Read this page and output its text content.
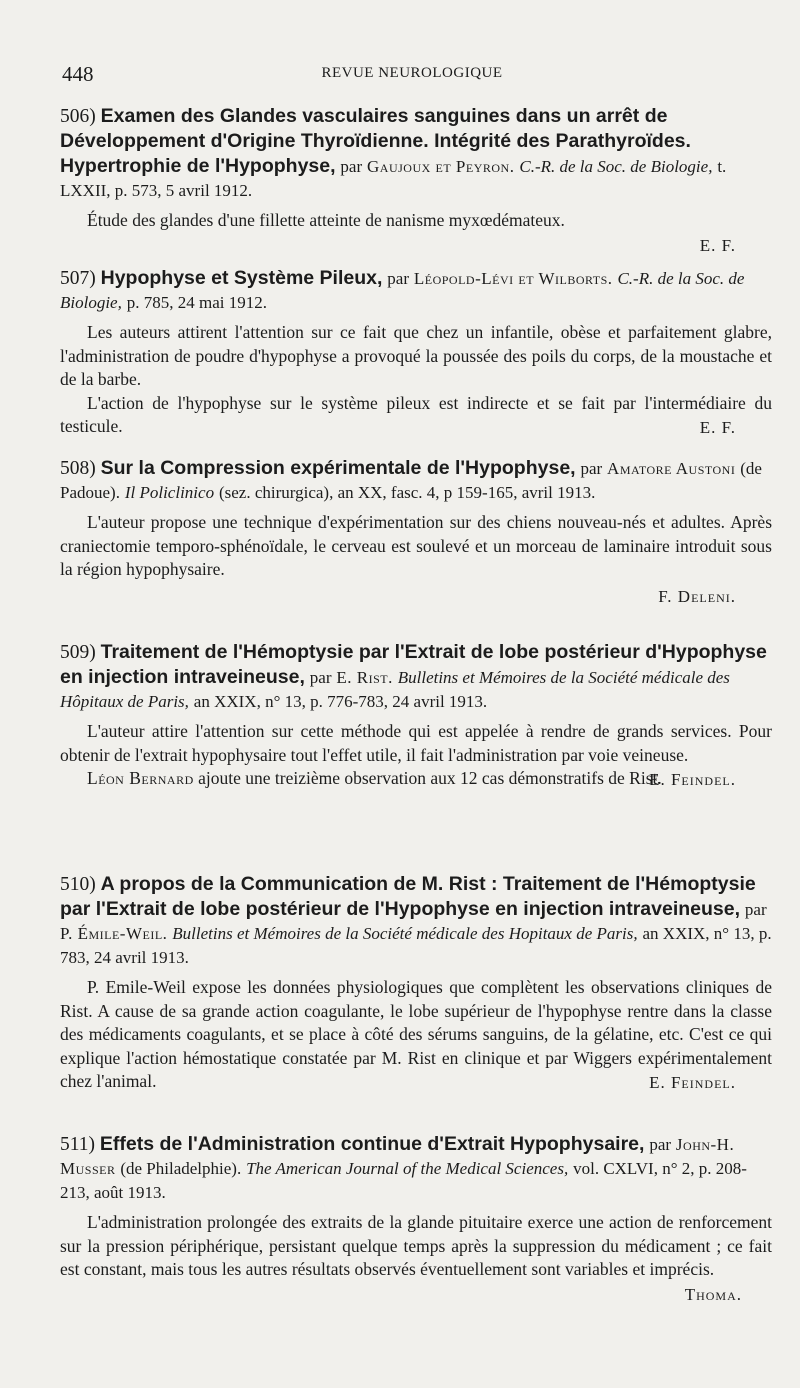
448	REVUE NEUROLOGIQUE
506) Examen des Glandes vasculaires sanguines dans un arrêt de Développement d'Origine Thyroïdienne. Intégrité des Parathyroïdes. Hypertrophie de l'Hypophyse, par Gaujoux et Peyron. C.-R. de la Soc. de Biologie, t. LXXII, p. 573, 5 avril 1912.

Étude des glandes d'une fillette atteinte de nanisme myxœdémateux.

E. F.
507) Hypophyse et Système Pileux, par Léopold-Lévi et Wilborts. C.-R. de la Soc. de Biologie, p. 785, 24 mai 1912.

Les auteurs attirent l'attention sur ce fait que chez un infantile, obèse et parfaitement glabre, l'administration de poudre d'hypophyse a provoqué la poussée des poils du corps, de la moustache et de la barbe.

L'action de l'hypophyse sur le système pileux est indirecte et se fait par l'intermédiaire du testicule.	E. F.
508) Sur la Compression expérimentale de l'Hypophyse, par Amatore Austoni (de Padoue). Il Policlinico (sez. chirurgica), an XX, fasc. 4, p 159-165, avril 1913.

L'auteur propose une technique d'expérimentation sur des chiens nouveau-nés et adultes. Après craniectomie temporo-sphénoïdale, le cerveau est soulevé et un morceau de laminaire introduit sous la région hypophysaire.

F. Deleni.
509) Traitement de l'Hémoptysie par l'Extrait de lobe postérieur d'Hypophyse en injection intraveineuse, par E. Rist. Bulletins et Mémoires de la Société médicale des Hôpitaux de Paris, an XXIX, n° 13, p. 776-783, 24 avril 1913.

L'auteur attire l'attention sur cette méthode qui est appelée à rendre de grands services. Pour obtenir de l'extrait hypophysaire tout l'effet utile, il fait l'administration par voie veineuse.

Léon Bernard ajoute une treizième observation aux 12 cas démonstratifs de Rist.

E. Feindel.
510) A propos de la Communication de M. Rist : Traitement de l'Hémoptysie par l'Extrait de lobe postérieur de l'Hypophyse en injection intraveineuse, par P. Émile-Weil. Bulletins et Mémoires de la Société médicale des Hopitaux de Paris, an XXIX, n° 13, p. 783, 24 avril 1913.

P. Emile-Weil expose les données physiologiques que complètent les observations cliniques de Rist. A cause de sa grande action coagulante, le lobe supérieur de l'hypophyse rentre dans la classe des médicaments coagulants, et se place à côté des sérums sanguins, de la gélatine, etc. C'est ce qui explique l'action hémostatique constatée par M. Rist en clinique et par Wiggers expérimentalement chez l'animal.	E. Feindel.
511) Effets de l'Administration continue d'Extrait Hypophysaire, par John-H. Musser (de Philadelphie). The American Journal of the Medical Sciences, vol. CXLVI, n° 2, p. 208-213, août 1913.

L'administration prolongée des extraits de la glande pituitaire exerce une action de renforcement sur la pression périphérique, persistant quelque temps après la suppression du médicament ; ce fait est constant, mais tous les autres résultats observés éventuellement sont variables et imprécis.

Thoma.
